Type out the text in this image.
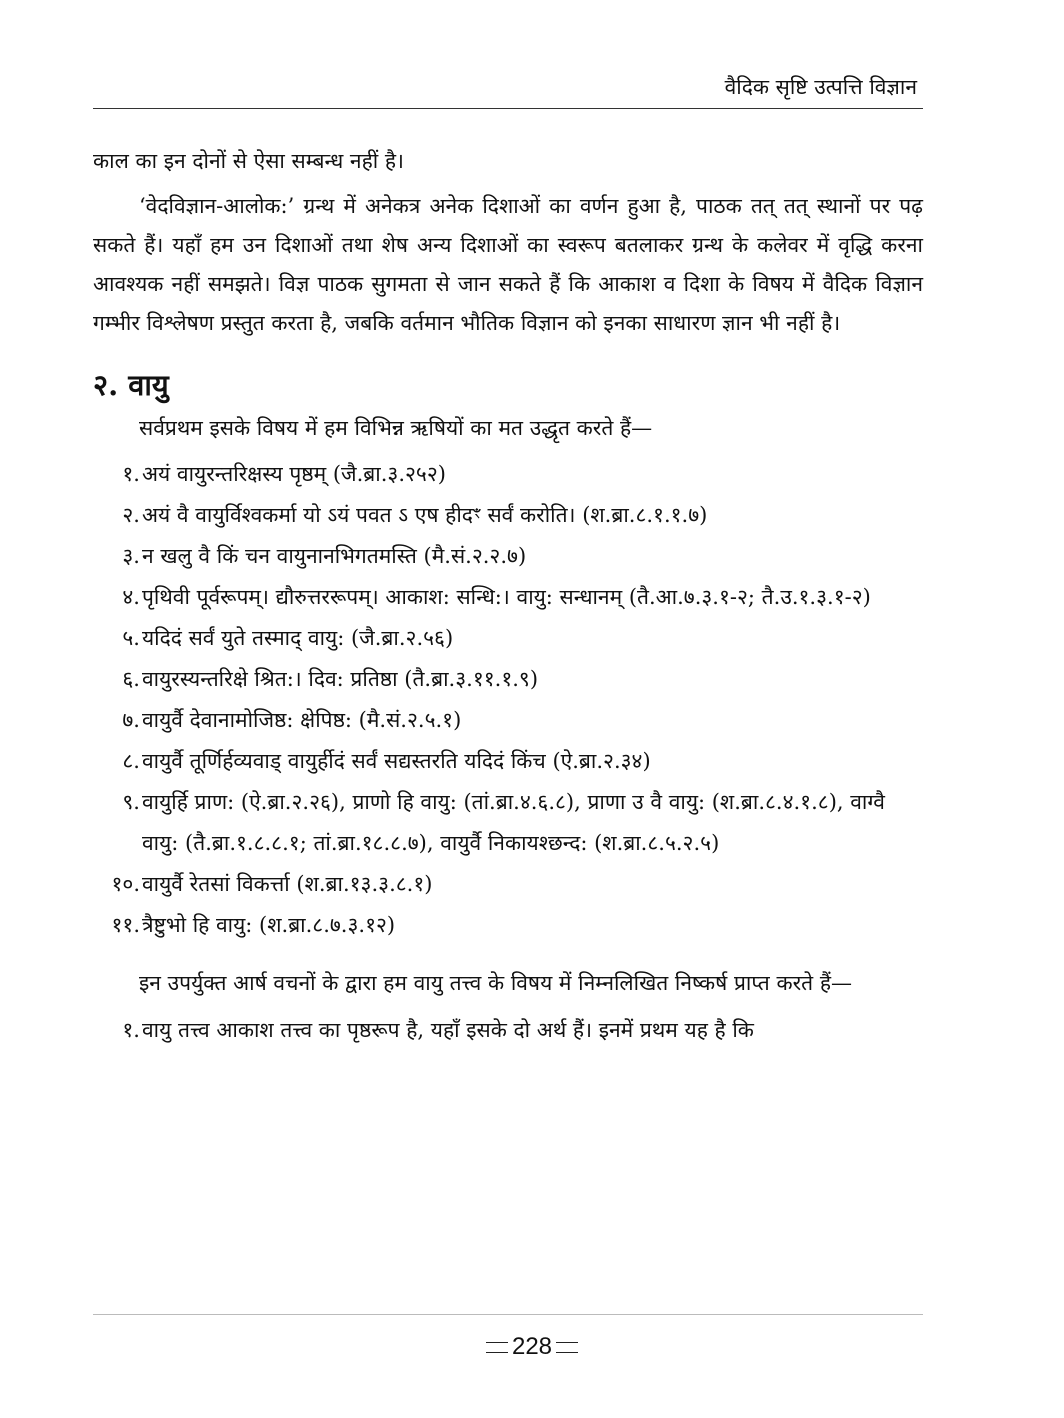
वैदिक सृष्टि उत्पत्ति विज्ञान

काल का इन दोनों से ऐसा सम्बन्ध नहीं है।

‘वेदविज्ञान-आलोक:’ ग्रन्थ में अनेकत्र अनेक दिशाओं का वर्णन हुआ है, पाठक तत् तत् स्थानों पर पढ़ सकते हैं। यहाँ हम उन दिशाओं तथा शेष अन्य दिशाओं का स्वरूप बतलाकर ग्रन्थ के कलेवर में वृद्धि करना आवश्यक नहीं समझते। विज्ञ पाठक सुगमता से जान सकते हैं कि आकाश व दिशा के विषय में वैदिक विज्ञान गम्भीर विश्लेषण प्रस्तुत करता है, जबकि वर्तमान भौतिक विज्ञान को इनका साधारण ज्ञान भी नहीं है।

२. वायु

सर्वप्रथम इसके विषय में हम विभिन्न ऋषियों का मत उद्धृत करते हैं—

१. अयं वायुरन्तरिक्षस्य पृष्ठम् (जै.ब्रा.३.२५२)
२. अयं वै वायुर्विश्वकर्मा यो ऽयं पवत ऽ एष हीदꣳ सर्वं करोति। (श.ब्रा.८.१.१.७)
३. न खलु वै किं चन वायुनानभिगतमस्ति (मै.सं.२.२.७)
४. पृथिवी पूर्वरूपम्। द्यौरुत्तररूपम्। आकाश: सन्धि:। वायु: सन्धानम् (तै.आ.७.३.१-२; तै.उ.१.३.१-२)
५. यदिदं सर्वं युते तस्माद् वायु: (जै.ब्रा.२.५६)
६. वायुरस्यन्तरिक्षे श्रित:। दिव: प्रतिष्ठा (तै.ब्रा.३.११.१.९)
७. वायुर्वै देवानामोजिष्ठ: क्षेपिष्ठ: (मै.सं.२.५.१)
८. वायुर्वै तूर्णिर्हव्यवाड् वायुर्हीदं सर्वं सद्यस्तरति यदिदं किंच (ऐ.ब्रा.२.३४)
९. वायुर्हि प्राण: (ऐ.ब्रा.२.२६), प्राणो हि वायु: (तां.ब्रा.४.६.८), प्राणा उ वै वायु: (श.ब्रा.८.४.१.८), वाग्वै वायु: (तै.ब्रा.१.८.८.१; तां.ब्रा.१८.८.७), वायुर्वै निकायश्छन्द: (श.ब्रा.८.५.२.५)
१०. वायुर्वै रेतसां विकर्त्ता (श.ब्रा.१३.३.८.१)
११. त्रैष्टुभो हि वायु: (श.ब्रा.८.७.३.१२)

इन उपर्युक्त आर्ष वचनों के द्वारा हम वायु तत्त्व के विषय में निम्नलिखित निष्कर्ष प्राप्त करते हैं—

१. वायु तत्त्व आकाश तत्त्व का पृष्ठरूप है, यहाँ इसके दो अर्थ हैं। इनमें प्रथम यह है कि
228
